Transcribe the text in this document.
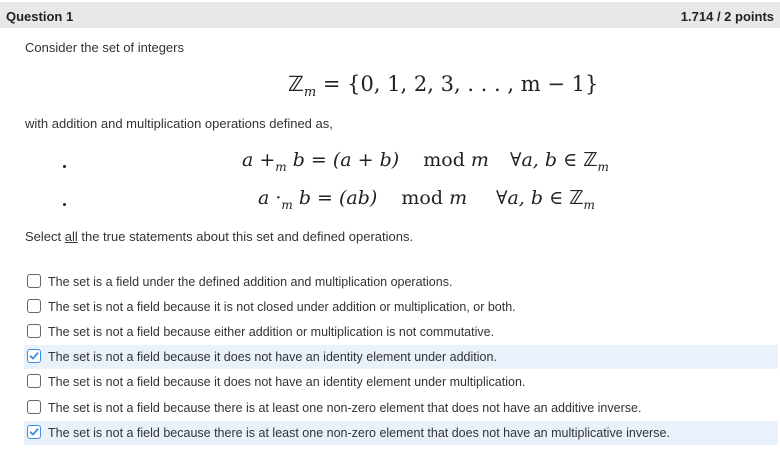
Question 1	1.714 / 2 points
Consider the set of integers
ℤ$_m$ = {0, 1, 2, 3, . . . , m − 1}
with addition and multiplication operations defined as,
$a +_m$ b = (a + b) mod m ∀a, b ∈ ℤ$_m$
$a \cdot_m$ b = (ab) mod m ∀a, b ∈ ℤ$_m$
Select all the true statements about this set and defined operations.
The set is a field under the defined addition and multiplication operations.
The set is not a field because it is not closed under addition or multiplication, or both.
The set is not a field because either addition or multiplication is not commutative.
The set is not a field because it does not have an identity element under addition.
The set is not a field because it does not have an identity element under multiplication.
The set is not a field because there is at least one non-zero element that does not have an additive inverse.
The set is not a field because there is at least one non-zero element that does not have an multiplicative inverse.
